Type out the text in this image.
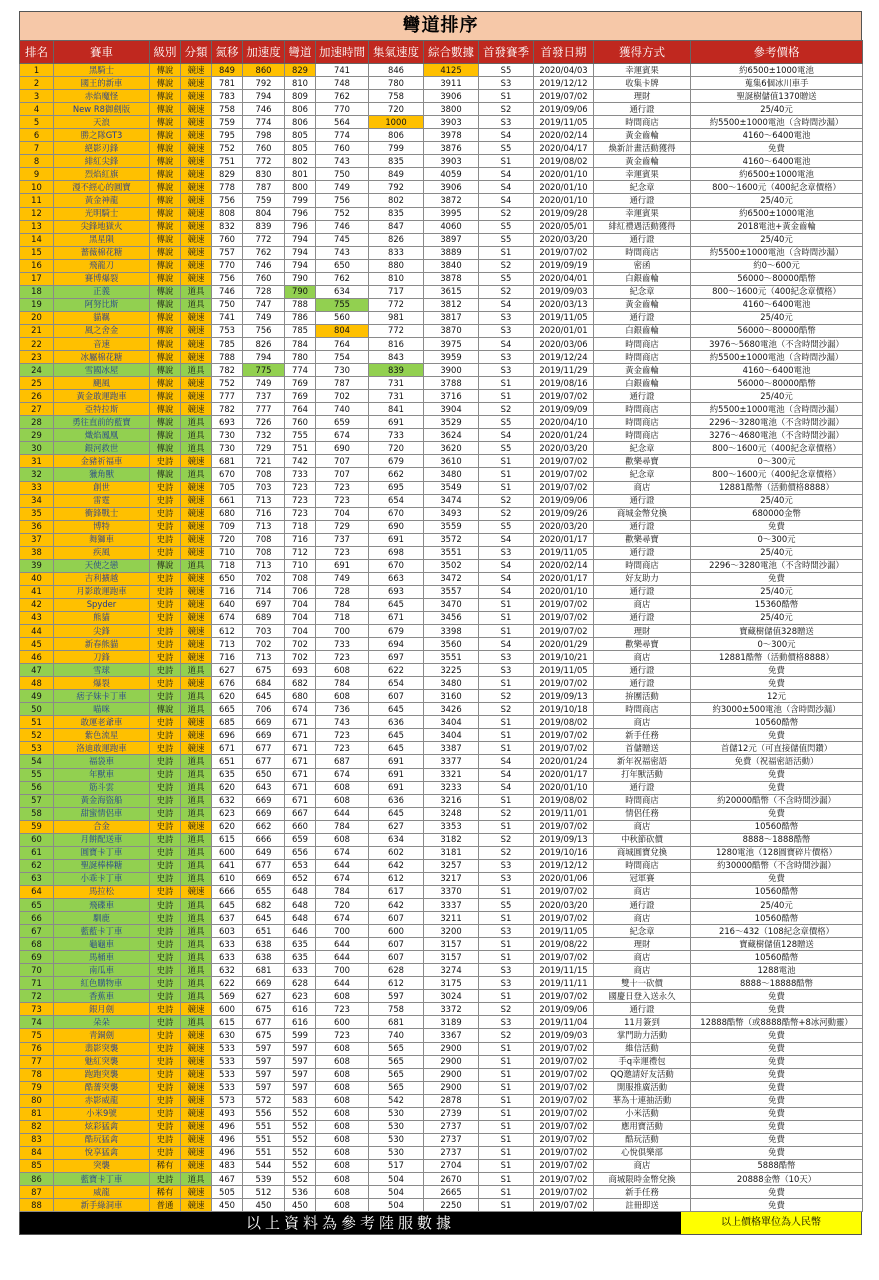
彎道排序
排名	賽車	級別	分類	氮移	加速度	彎道	加速時間	集氣速度	綜合數據	首發賽季	首發日期	獲得方式	參考價格
1	黑騎士	傳說	競速	849	860	829	741	846	4125	S5	2020/04/03	幸運賓果	約6500±1000電池
2	國王的新車	傳說	競速	781	792	810	748	780	3911	S3	2019/12/12	收集卡牌	蒐集6個冰川車手
3	赤焰魔怪	傳說	競速	783	794	809	762	758	3906	S1	2019/07/02	理財	聖誕樹儲值1370贈送
4	New R8御劍版	傳說	競速	758	746	806	770	720	3800	S2	2019/09/06	通行證	25/40元
5	天浪	傳說	競速	759	774	806	564	1000	3903	S3	2019/11/05	時間商店	約5500±1000電池（含時間沙漏）
6	勝之隊GT3	傳說	競速	795	798	805	774	806	3978	S4	2020/02/14	黃金齒輪	4160～6400電池
7	絕影刃鋒	傳說	競速	752	760	805	760	799	3876	S5	2020/04/17	煥新計畫活動獲得	免費
8	緋紅尖鋒	傳說	競速	751	772	802	743	835	3903	S1	2019/08/02	黃金齒輪	4160～6400電池
9	烈焰紅旗	傳說	競速	829	830	801	750	849	4059	S4	2020/01/10	幸運賓果	約6500±1000電池
10	漫不經心的圓寶	傳說	競速	778	787	800	749	792	3906	S4	2020/01/10	紀念章	800～1600元（400紀念章價格）
11	黃金神龍	傳說	競速	756	759	799	756	802	3872	S4	2020/01/10	通行證	25/40元
12	光明騎士	傳說	競速	808	804	796	752	835	3995	S2	2019/09/28	幸運賓果	約6500±1000電池
13	尖鋒地獄火	傳說	競速	832	839	796	746	847	4060	S5	2020/05/01	緋紅禮遇活動獲得	2018電池+黃金齒輪
14	黑星隕	傳說	競速	760	772	794	745	826	3897	S5	2020/03/20	通行證	25/40元
15	薔薇棉花糖	傳說	競速	757	762	794	743	833	3889	S1	2019/07/02	時間商店	約5500±1000電池（含時間沙漏）
16	飛龍刀	傳說	競速	770	746	794	650	880	3840	S2	2019/09/19	密函	約0～600元
17	賽博爆裂	傳說	競速	756	760	790	762	810	3878	S5	2020/04/01	白銀齒輪	56000～80000酷幣
18	正義	傳說	道具	746	728	790	634	717	3615	S2	2019/09/03	紀念章	800～1600元（400紀念章價格）
19	阿努比斯	傳說	道具	750	747	788	755	772	3812	S4	2020/03/13	黃金齒輪	4160～6400電池
20	貓羈	傳說	競速	741	749	786	560	981	3817	S3	2019/11/05	通行證	25/40元
21	風之舍金	傳說	競速	753	756	785	804	772	3870	S3	2020/01/01	白銀齒輪	56000～80000酷幣
22	音速	傳說	競速	785	826	784	764	816	3975	S4	2020/03/06	時間商店	3976～5680電池（不含時間沙漏）
23	冰屬棉花糖	傳說	競速	788	794	780	754	843	3959	S3	2019/12/24	時間商店	約5500±1000電池（含時間沙漏）
24	雪國冰屋	傳說	道具	782	775	774	730	839	3900	S3	2019/11/29	黃金齒輪	4160～6400電池
25	颶風	傳說	競速	752	749	769	787	731	3788	S1	2019/08/16	白銀齒輪	56000～80000酷幣
26	黃金敢運跑車	傳說	競速	777	737	769	702	731	3716	S1	2019/07/02	通行證	25/40元
27	亞特拉斯	傳說	競速	782	777	764	740	841	3904	S2	2019/09/09	時間商店	約5500±1000電池（含時間沙漏）
28	勇往直前的藍寶	傳說	道具	693	726	760	659	691	3529	S5	2020/04/10	時間商店	2296～3280電池（不含時間沙漏）
29	熾焰鳳凰	傳說	道具	730	732	755	674	733	3624	S4	2020/01/24	時間商店	3276～4680電池（不含時間沙漏）
30	銀河救世	傳說	道具	730	729	751	690	720	3620	S5	2020/03/20	紀念章	800～1600元（400紀念章價格）
31	金豬祈福車	史詩	競速	681	721	742	707	679	3610	S1	2019/07/02	歡樂尋寶	0～300元
32	獵角獸	傳說	道具	670	708	733	707	662	3480	S1	2019/07/02	紀念章	800～1600元（400紀念章價格）
33	創世	史詩	競速	705	703	723	723	695	3549	S1	2019/07/02	商店	12881酷幣（活動價格8888）
34	雷霆	史詩	競速	661	713	723	723	654	3474	S2	2019/09/06	通行證	25/40元
35	衝鋒戰士	史詩	競速	680	716	723	704	670	3493	S2	2019/09/26	商城金幣兌換	680000金幣
36	博特	史詩	競速	709	713	718	729	690	3559	S5	2020/03/20	通行證	免費
37	舞獅車	史詩	競速	720	708	716	737	691	3572	S4	2020/01/17	歡樂尋寶	0～300元
38	疾風	史詩	競速	710	708	712	723	698	3551	S3	2019/11/05	通行證	25/40元
39	天使之戀	傳說	道具	718	713	710	691	670	3502	S4	2020/02/14	時間商店	2296～3280電池（不含時間沙漏）
40	吉利擴越	史詩	競速	650	702	708	749	663	3472	S4	2020/01/17	好友助力	免費
41	月影敢運跑車	史詩	競速	716	714	706	728	693	3557	S4	2020/01/10	通行證	25/40元
42	Spyder	史詩	競速	640	697	704	784	645	3470	S1	2019/07/02	商店	15360酷幣
43	熊貓	史詩	競速	674	689	704	718	671	3456	S1	2019/07/02	通行證	25/40元
44	尖鋒	史詩	競速	612	703	704	700	679	3398	S1	2019/07/02	理財	寶藏樹儲值328贈送
45	新春熊貓	史詩	競速	713	702	702	733	694	3560	S4	2020/01/29	歡樂尋寶	0～300元
46	刀鋒	史詩	競速	716	713	702	723	697	3551	S3	2019/10/21	商店	12881酷幣（活動價格8888）
47	雪球	史詩	道具	627	675	693	608	622	3225	S3	2019/11/05	通行證	免費
48	爆裂	史詩	競速	676	684	682	784	654	3480	S1	2019/07/02	通行證	免費
49	痞子妹卡丁車	史詩	道具	620	645	680	608	607	3160	S2	2019/09/13	拚團活動	12元
50	喵咪	傳說	道具	665	706	674	736	645	3426	S2	2019/10/18	時間商店	約3000±500電池（含時間沙漏）
51	敢運老爺車	史詩	競速	685	669	671	743	636	3404	S1	2019/08/02	商店	10560酷幣
52	紫色流星	史詩	競速	696	669	671	723	645	3404	S1	2019/07/02	新手任務	免費
53	洛迪敢運跑車	史詩	競速	671	677	671	723	645	3387	S1	2019/07/02	首儲贈送	首儲12元（可直接儲值閃鑽）
54	福袋車	史詩	道具	651	677	671	687	691	3377	S4	2020/01/24	新年祝福密語	免費（祝福密語活動）
55	年獸車	史詩	道具	635	650	671	674	691	3321	S4	2020/01/17	打年獸活動	免費
56	筋斗雲	史詩	道具	620	643	671	608	691	3233	S4	2020/01/10	通行證	免費
57	黃金海盜船	史詩	道具	632	669	671	608	636	3216	S1	2019/08/02	時間商店	約20000酷幣（不含時間沙漏）
58	甜蜜情侶車	史詩	道具	623	669	667	644	645	3248	S2	2019/11/01	情侶任務	免費
59	合金	史詩	競速	620	662	660	784	627	3353	S1	2019/07/02	商店	10560酷幣
60	月餅配送車	史詩	道具	615	666	659	608	634	3182	S2	2019/09/13	中秋節砍價	8888～1888酷幣
61	圓寶卡丁車	史詩	道具	600	649	656	674	602	3181	S2	2019/10/16	商城圓寶兌換	1280電池（128圓寶碎片價格）
62	聖誕棒棒糖	史詩	道具	641	677	653	644	642	3257	S3	2019/12/12	時間商店	約30000酷幣（不含時間沙漏）
63	小乖卡丁車	史詩	道具	610	669	652	674	612	3217	S3	2020/01/06	冠軍賽	免費
64	馬拉松	史詩	競速	666	655	648	784	617	3370	S1	2019/07/02	商店	10560酷幣
65	飛碟車	史詩	道具	645	682	648	720	642	3337	S5	2020/03/20	通行證	25/40元
66	馴鹿	史詩	道具	637	645	648	674	607	3211	S1	2019/07/02	商店	10560酷幣
67	藍藍卡丁車	史詩	道具	603	651	646	700	600	3200	S3	2019/11/05	紀念章	216～432（108紀念章價格）
68	龜龜車	史詩	道具	633	638	635	644	607	3157	S1	2019/08/22	理財	寶藏樹儲值128贈送
69	馬桶車	史詩	道具	633	638	635	644	607	3157	S1	2019/07/02	商店	10560酷幣
70	南瓜車	史詩	道具	632	681	633	700	628	3274	S3	2019/11/15	商店	1288電池
71	紅色購物車	史詩	道具	622	669	628	644	612	3175	S3	2019/11/11	雙十一砍價	8888～18888酷幣
72	香蕉車	史詩	道具	569	627	623	608	597	3024	S1	2019/07/02	國慶日登入送永久	免費
73	銀月劍	史詩	競速	600	675	616	723	758	3372	S2	2019/09/06	通行證	免費
74	朵朵	史詩	道具	615	677	616	600	681	3189	S3	2019/11/04	11月簽到	12888酷幣（或8888酷幣+8冰河動靈）
75	青銅劍	史詩	競速	630	675	599	723	740	3367	S2	2019/09/03	掌門助力活動	免費
76	翡影突襲	史詩	競速	533	597	597	608	565	2900	S1	2019/07/02	維信活動	免費
77	魅紅突襲	史詩	競速	533	597	597	608	565	2900	S1	2019/07/02	手q幸運禮包	免費
78	跑跑突襲	史詩	競速	533	597	597	608	565	2900	S1	2019/07/02	QQ邀請好友活動	免費
79	酷薔突襲	史詩	競速	533	597	597	608	565	2900	S1	2019/07/02	開服推廣活動	免費
80	赤影威龍	史詩	競速	573	572	583	608	542	2878	S1	2019/07/02	華為十連抽活動	免費
81	小米9號	史詩	競速	493	556	552	608	530	2739	S1	2019/07/02	小米活動	免費
82	炫彩猛禽	史詩	競速	496	551	552	608	530	2737	S1	2019/07/02	應用寶活動	免費
83	酷玩猛禽	史詩	競速	496	551	552	608	530	2737	S1	2019/07/02	酷玩活動	免費
84	悅享猛禽	史詩	競速	496	551	552	608	530	2737	S1	2019/07/02	心悅俱樂部	免費
85	突襲	稀有	競速	483	544	552	608	517	2704	S1	2019/07/02	商店	5888酷幣
86	藍寶卡丁車	史詩	道具	467	539	552	608	504	2670	S1	2019/07/02	商城限時金幣兌換	20888金幣（10天）
87	威龍	稀有	競速	505	512	536	608	504	2665	S1	2019/07/02	新手任務	免費
88	新手綠洞車	普通	競速	450	450	450	608	504	2250	S1	2019/07/02	註冊即送	免費
以上資料為參考陸服數據	以上價格單位為人民幣
